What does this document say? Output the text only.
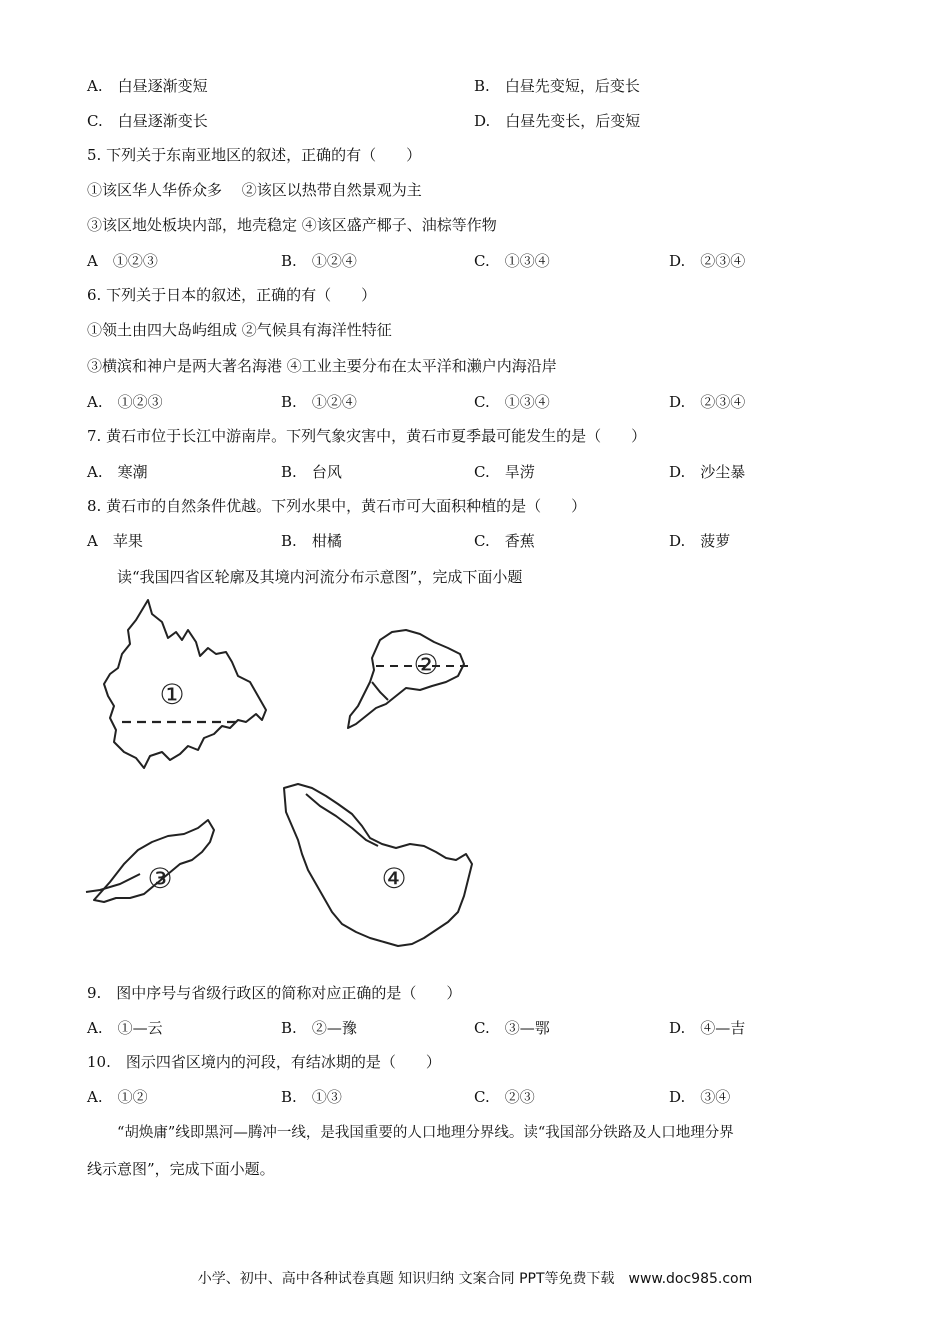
A.　 白昼逐渐变短	B.　 白昼先变短，后变长
C.　 白昼逐渐变长	D.　 白昼先变长，后变短
5. 下列关于东南亚地区的叙述，正确的有（　　）
①该区华人华侨众多　 ②该区以热带自然景观为主
③该区地处板块内部，地壳稳定 ④该区盛产椰子、油棕等作物
A　 ①②③	B.　 ①②④	C.　 ①③④	D.　 ②③④
6. 下列关于日本的叙述，正确的有（　　）
①领土由四大岛屿组成 ②气候具有海洋性特征
③横滨和神户是两大著名海港 ④工业主要分布在太平洋和濑户内海沿岸
A.　 ①②③	B.　 ①②④	C.　 ①③④	D.　 ②③④
7. 黄石市位于长江中游南岸。下列气象灾害中，黄石市夏季最可能发生的是（　　）
A.　 寒潮	B.　 台风	C.　 旱涝	D.　 沙尘暴
8. 黄石市的自然条件优越。下列水果中，黄石市可大面积种植的是（　　）
A　 苹果	B.　 柑橘	C.　 香蕉	D.　 菠萝
读“我国四省区轮廓及其境内河流分布示意图”，完成下面小题
①
②
③	④
9.　图中序号与省级行政区的简称对应正确的是（　　）
A.　 ①—云	B.　 ②—豫	C.　 ③—鄂	D.　 ④—吉
10.　图示四省区境内的河段，有结冰期的是（　　）
A.　 ①②	B.　 ①③	C.　 ②③	D.　 ③④
“胡焕庸”线即黑河—腾冲一线，是我国重要的人口地理分界线。读“我国部分铁路及人口地理分界
线示意图”，完成下面小题。
小学、初中、高中各种试卷真题 知识归纳 文案合同 PPT等免费下载　www.doc985.com
